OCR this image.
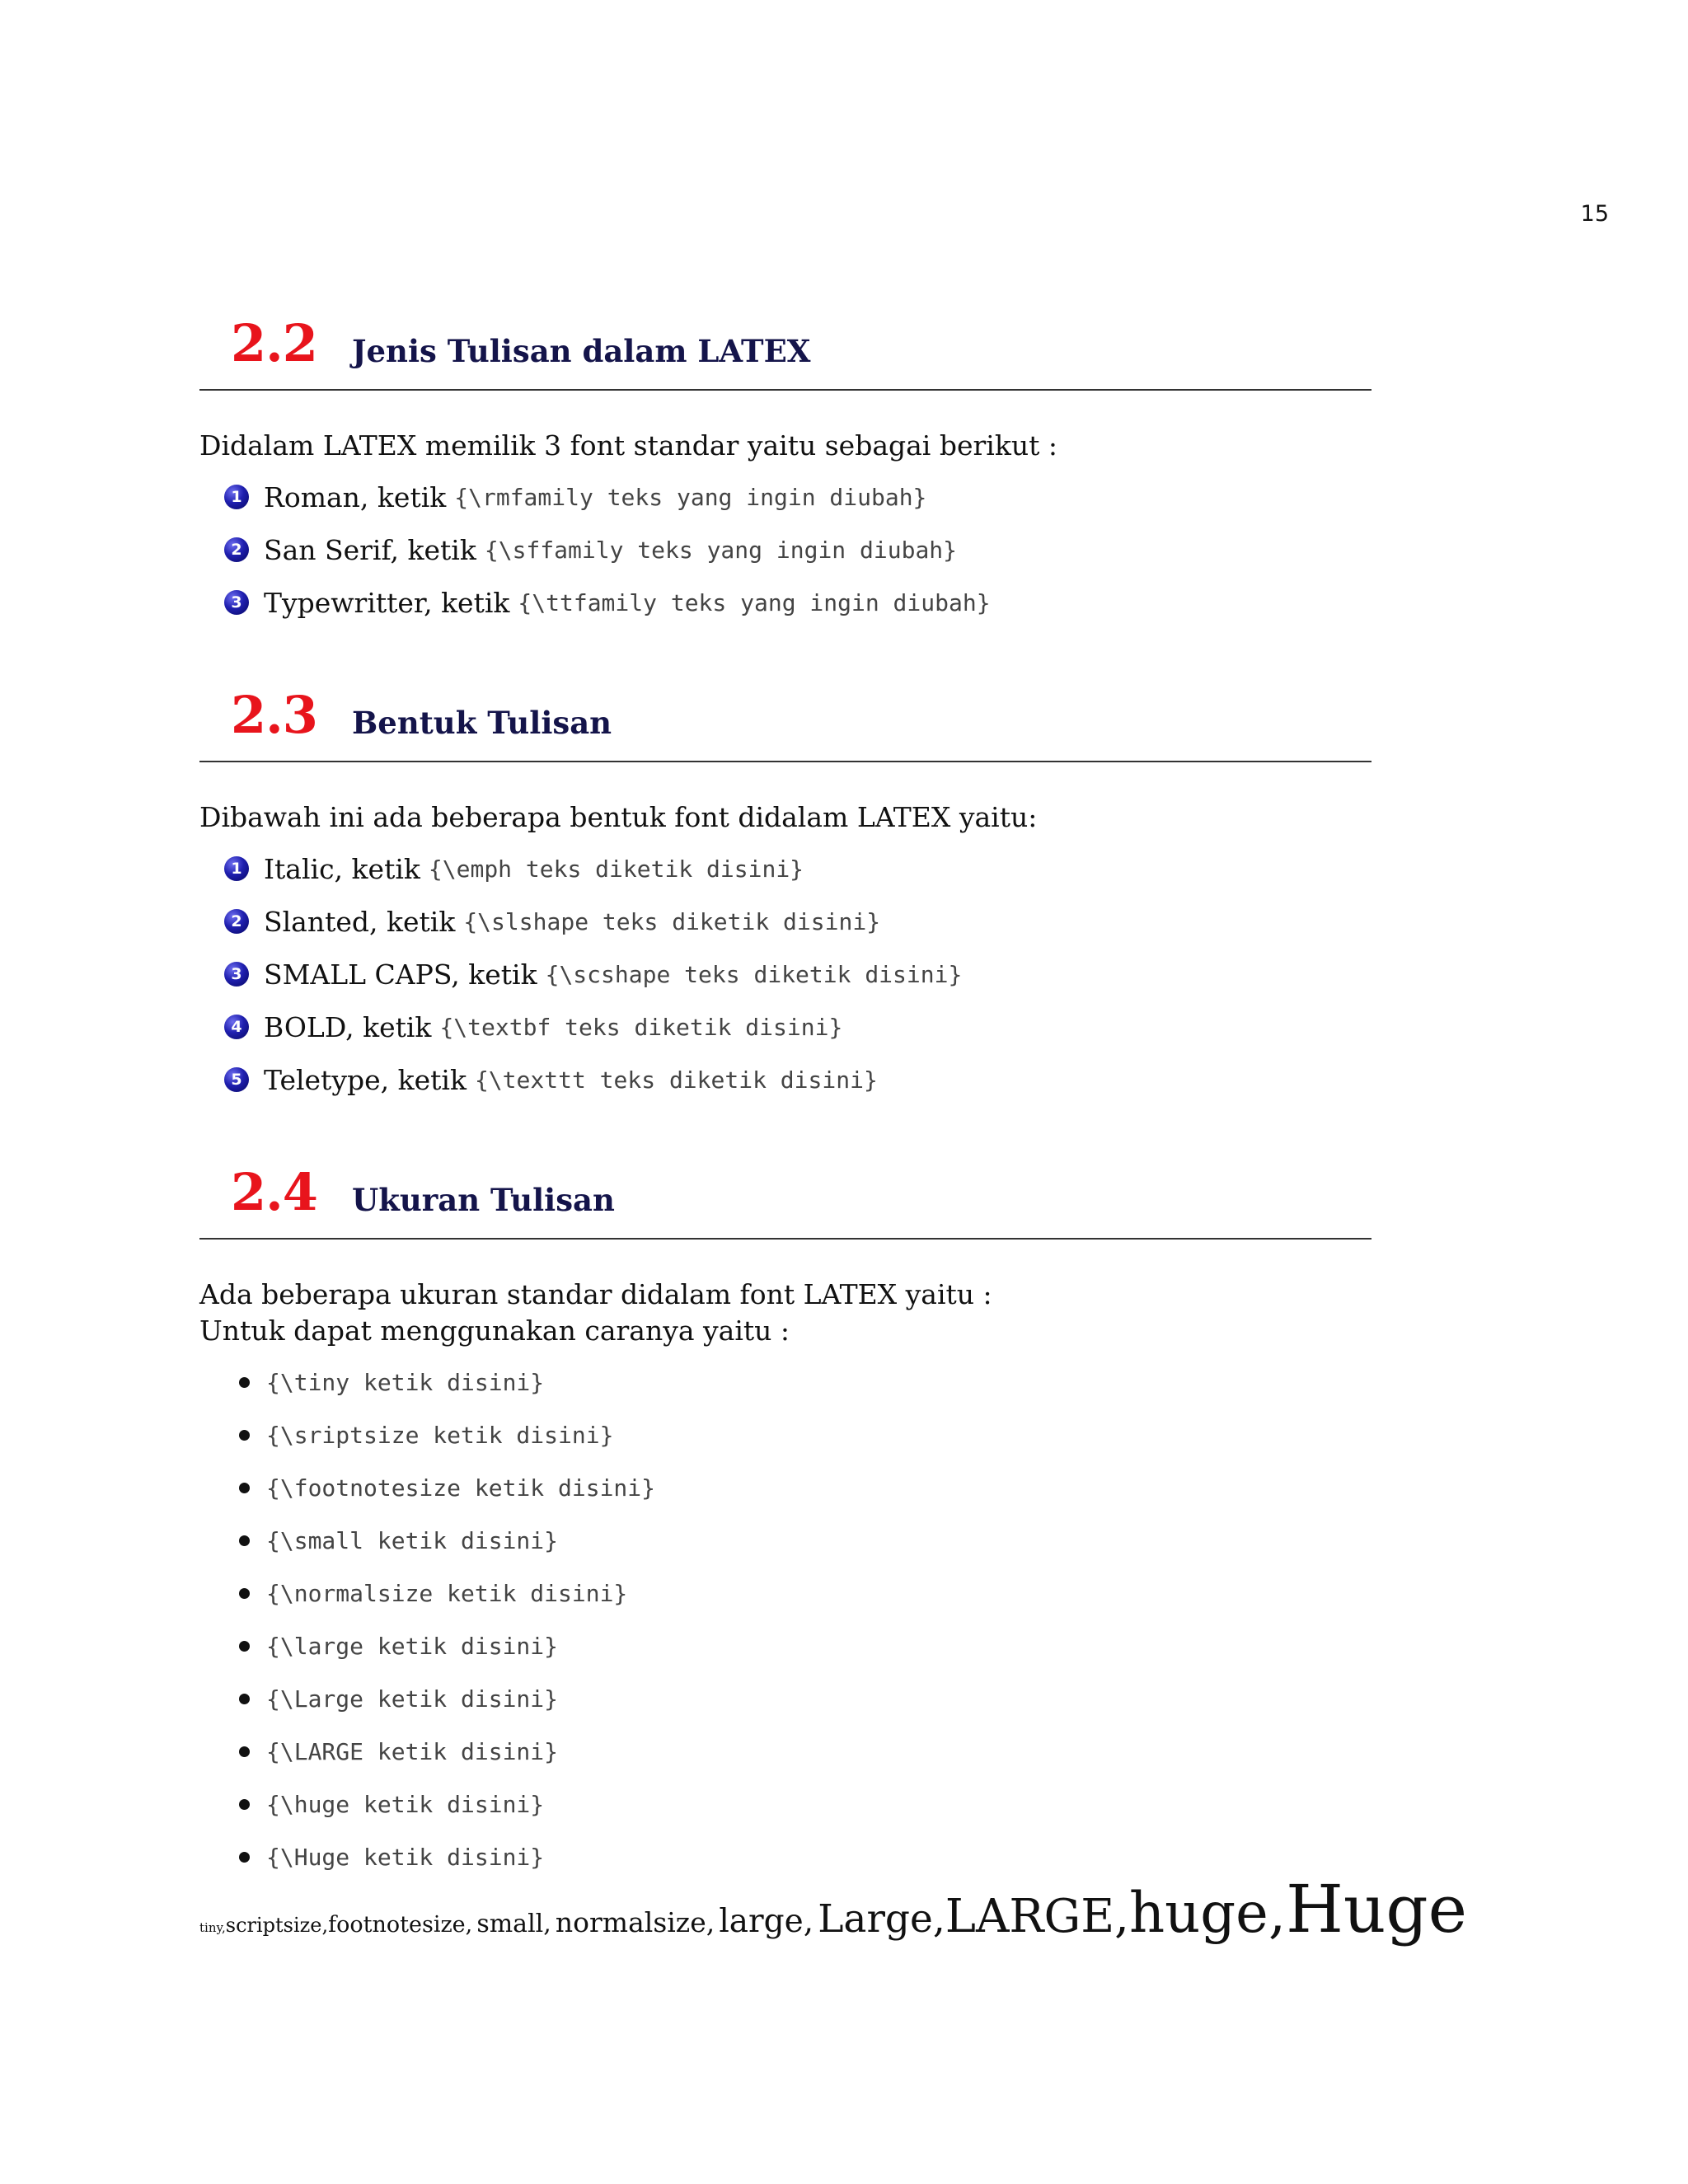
15
2.2 Jenis Tulisan dalam LATEX
Didalam LATEX memilik 3 font standar yaitu sebagai berikut :
1 Roman, ketik {\rmfamily teks yang ingin diubah}
2 San Serif, ketik {\sffamily teks yang ingin diubah}
3 Typewritter, ketik {\ttfamily teks yang ingin diubah}
2.3 Bentuk Tulisan
Dibawah ini ada beberapa bentuk font didalam LATEX yaitu:
1 Italic, ketik {\emph teks diketik disini}
2 Slanted, ketik {\slshape teks diketik disini}
3 SMALL CAPS, ketik {\scshape teks diketik disini}
4 BOLD, ketik {\textbf teks diketik disini}
5 Teletype, ketik {\texttt teks diketik disini}
2.4 Ukuran Tulisan
Ada beberapa ukuran standar didalam font LATEX yaitu :
Untuk dapat menggunakan caranya yaitu :
{\tiny ketik disini}
{\sriptsize ketik disini}
{\footnotesize ketik disini}
{\small ketik disini}
{\normalsize ketik disini}
{\large ketik disini}
{\Large ketik disini}
{\LARGE ketik disini}
{\huge ketik disini}
{\Huge ketik disini}
tiny,scriptsize,footnotesize, small, normalsize, large, Large,LARGE,huge,Huge
